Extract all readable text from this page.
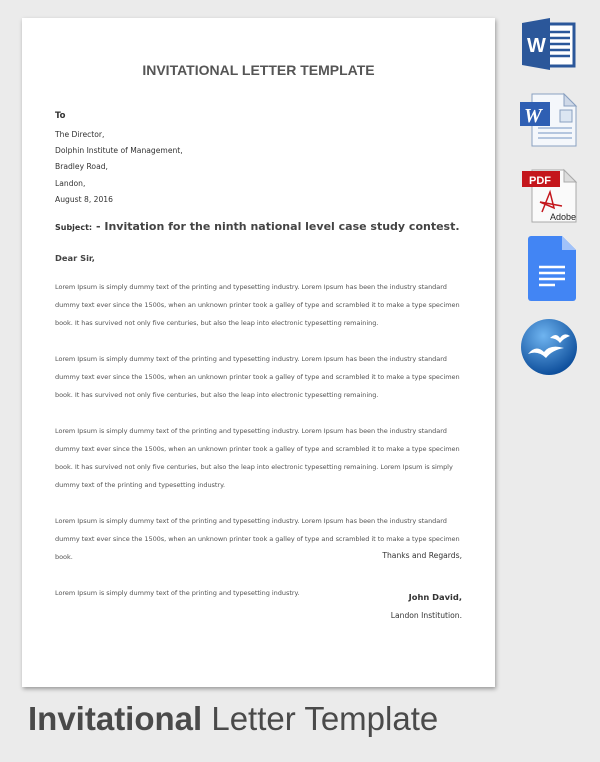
INVITATIONAL LETTER TEMPLATE
To
The Director,
Dolphin Institute of Management,
Bradley Road,
Landon,
August 8, 2016
Subject: - Invitation for the ninth national level case study contest.
Dear Sir,

Lorem Ipsum is simply dummy text of the printing and typesetting industry. Lorem Ipsum has been the industry standard dummy text ever since the 1500s, when an unknown printer took a galley of type and scrambled it to make a type specimen book. It has survived not only five centuries, but also the leap into electronic typesetting remaining.

Lorem Ipsum is simply dummy text of the printing and typesetting industry. Lorem Ipsum has been the industry standard dummy text ever since the 1500s, when an unknown printer took a galley of type and scrambled it to make a type specimen book. It has survived not only five centuries, but also the leap into electronic typesetting remaining.

Lorem Ipsum is simply dummy text of the printing and typesetting industry. Lorem Ipsum has been the industry standard dummy text ever since the 1500s, when an unknown printer took a galley of type and scrambled it to make a type specimen book. It has survived not only five centuries, but also the leap into electronic typesetting remaining. Lorem Ipsum is simply dummy text of the printing and typesetting industry.

Lorem Ipsum is simply dummy text of the printing and typesetting industry. Lorem Ipsum has been the industry standard dummy text ever since the 1500s, when an unknown printer took a galley of type and scrambled it to make a type specimen book.

Lorem Ipsum is simply dummy text of the printing and typesetting industry.

Thanks and Regards,
John David,
Landon Institution.
Invitational Letter Template
W
W
PDF
Adobe
